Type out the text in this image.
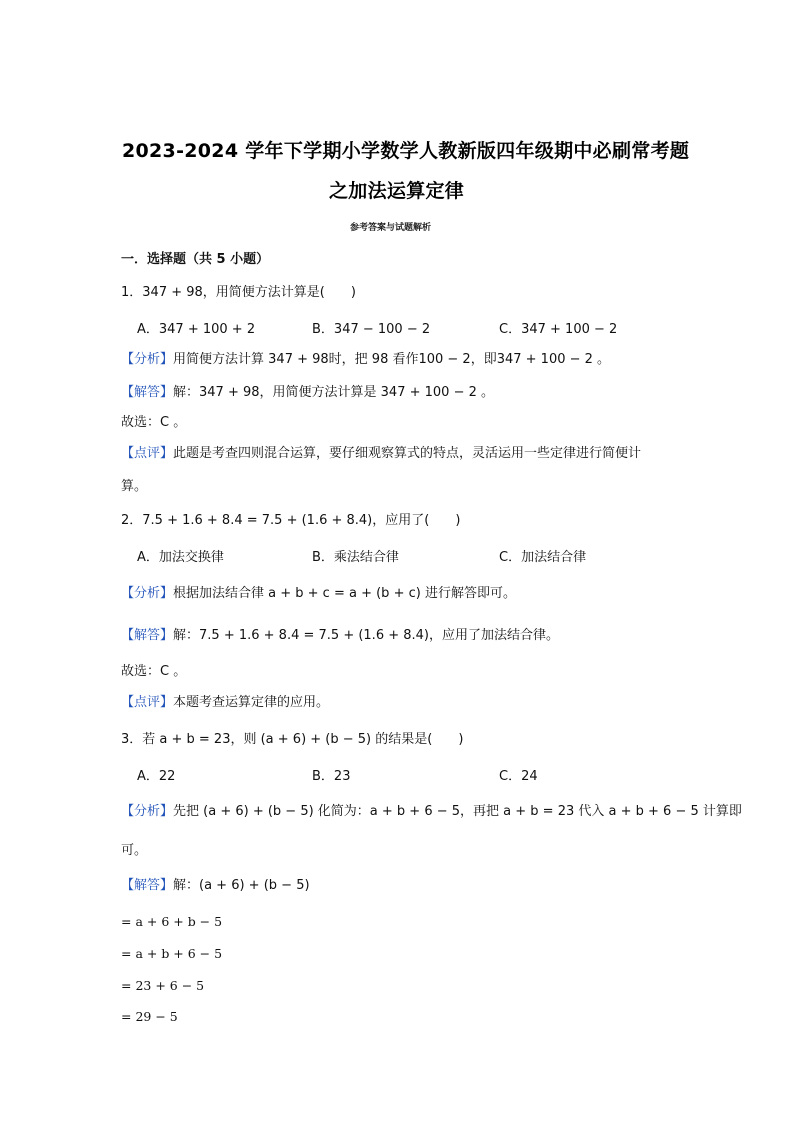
2023-2024 学年下学期小学数学人教新版四年级期中必刷常考题
之加法运算定律
参考答案与试题解析
一．选择题（共 5 小题）
1．347 + 98，用简便方法计算是(　　)
A．347 + 100 + 2	B．347 − 100 − 2	C．347 + 100 − 2
【分析】用简便方法计算 347 + 98时，把 98 看作100 − 2，即347 + 100 − 2 。
【解答】解：347 + 98，用简便方法计算是 347 + 100 − 2 。
故选：C 。
【点评】此题是考查四则混合运算，要仔细观察算式的特点，灵活运用一些定律进行简便计
算。
2．7.5 + 1.6 + 8.4 = 7.5 + (1.6 + 8.4)，应用了(　　)
A．加法交换律	B．乘法结合律	C．加法结合律
【分析】根据加法结合律 a + b + c = a + (b + c) 进行解答即可。
【解答】解：7.5 + 1.6 + 8.4 = 7.5 + (1.6 + 8.4)，应用了加法结合律。
故选：C 。
【点评】本题考查运算定律的应用。
3．若 a + b = 23，则 (a + 6) + (b − 5) 的结果是(　　)
A．22	B．23	C．24
【分析】先把 (a + 6) + (b − 5) 化简为：a + b + 6 − 5，再把 a + b = 23 代入 a + b + 6 − 5 计算即
可。
【解答】解：(a + 6) + (b − 5)
= a + 6 + b − 5
= a + b + 6 − 5
= 23 + 6 − 5
= 29 − 5
